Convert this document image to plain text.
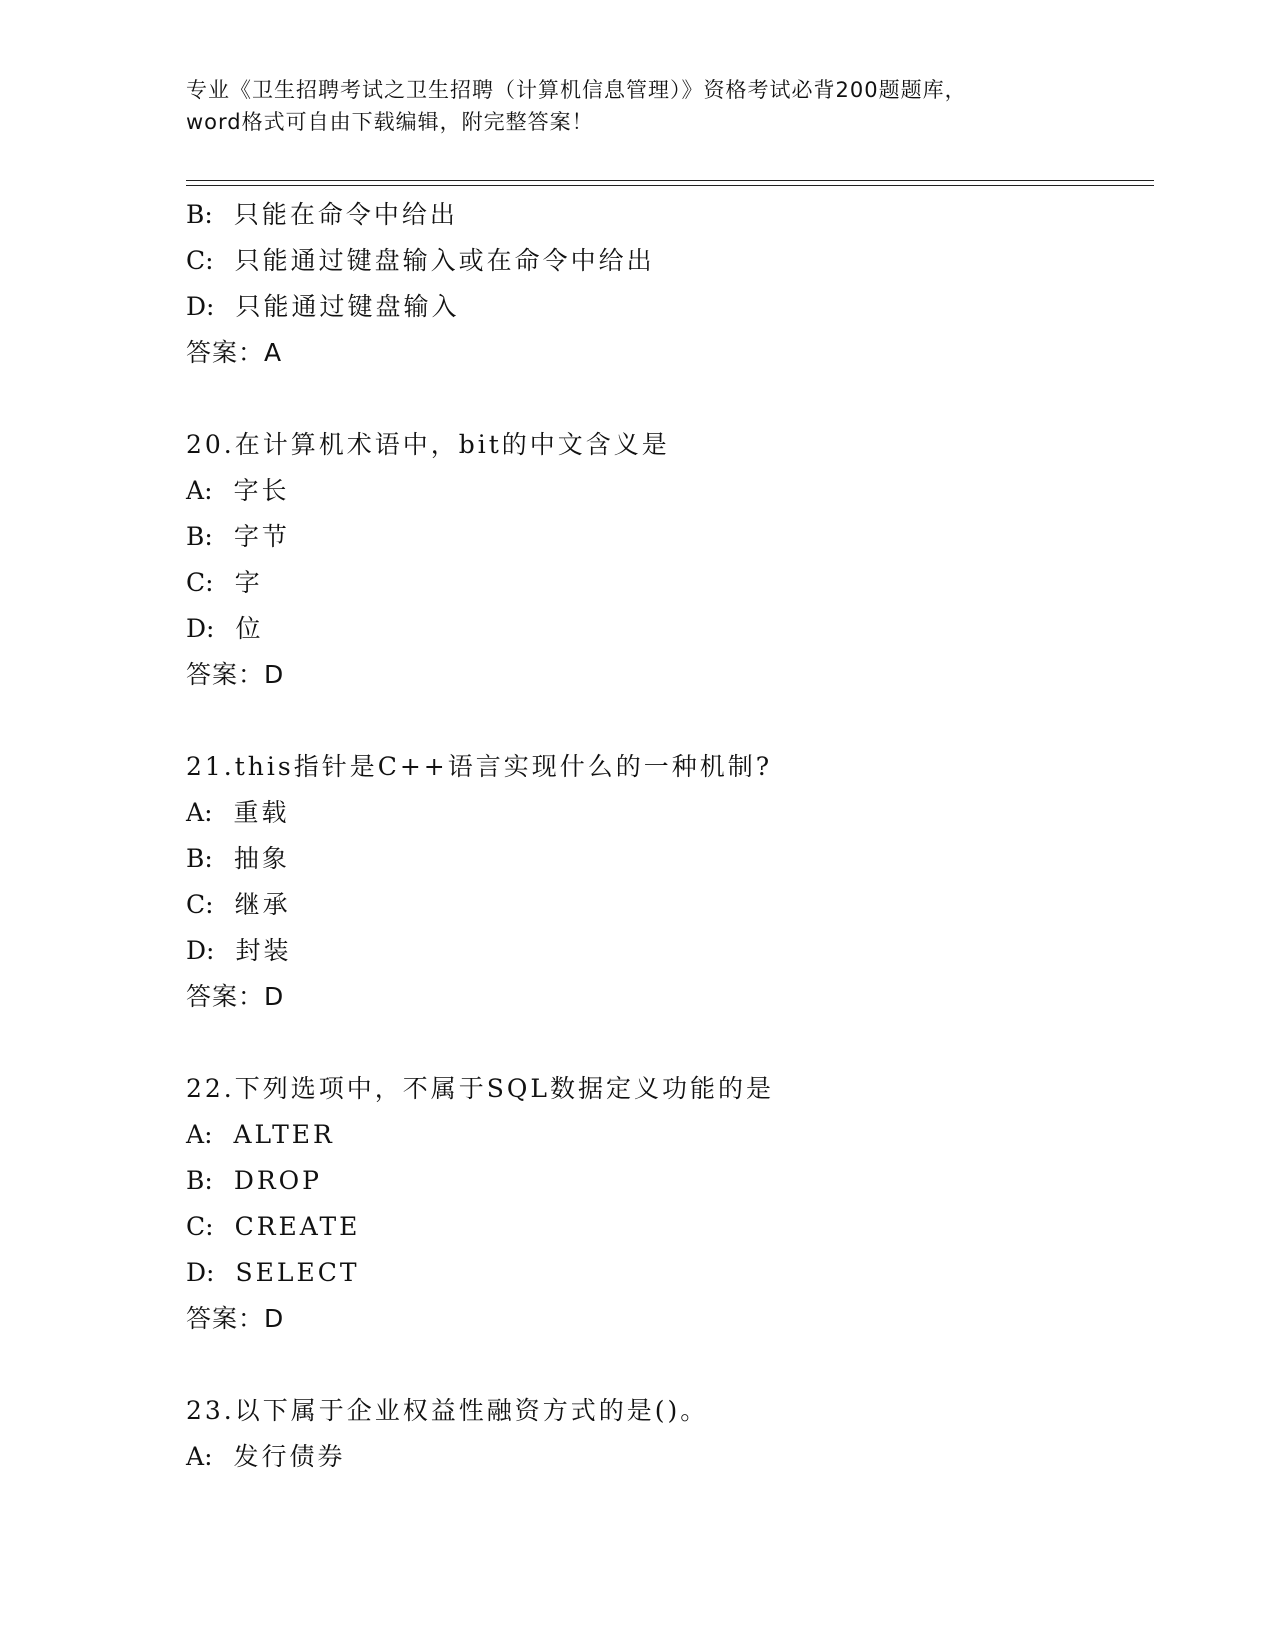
专业《卫生招聘考试之卫生招聘（计算机信息管理）》资格考试必背200题题库，
word格式可自由下载编辑，附完整答案！
B: 只能在命令中给出
C: 只能通过键盘输入或在命令中给出
D: 只能通过键盘输入
答案：A
20.在计算机术语中，bit的中文含义是
A: 字长
B: 字节
C: 字
D: 位
答案：D
21.this指针是C++语言实现什么的一种机制?
A: 重载
B: 抽象
C: 继承
D: 封装
答案：D
22.下列选项中，不属于SQL数据定义功能的是
A: ALTER
B: DROP
C: CREATE
D: SELECT
答案：D
23.以下属于企业权益性融资方式的是()。
A: 发行债券
